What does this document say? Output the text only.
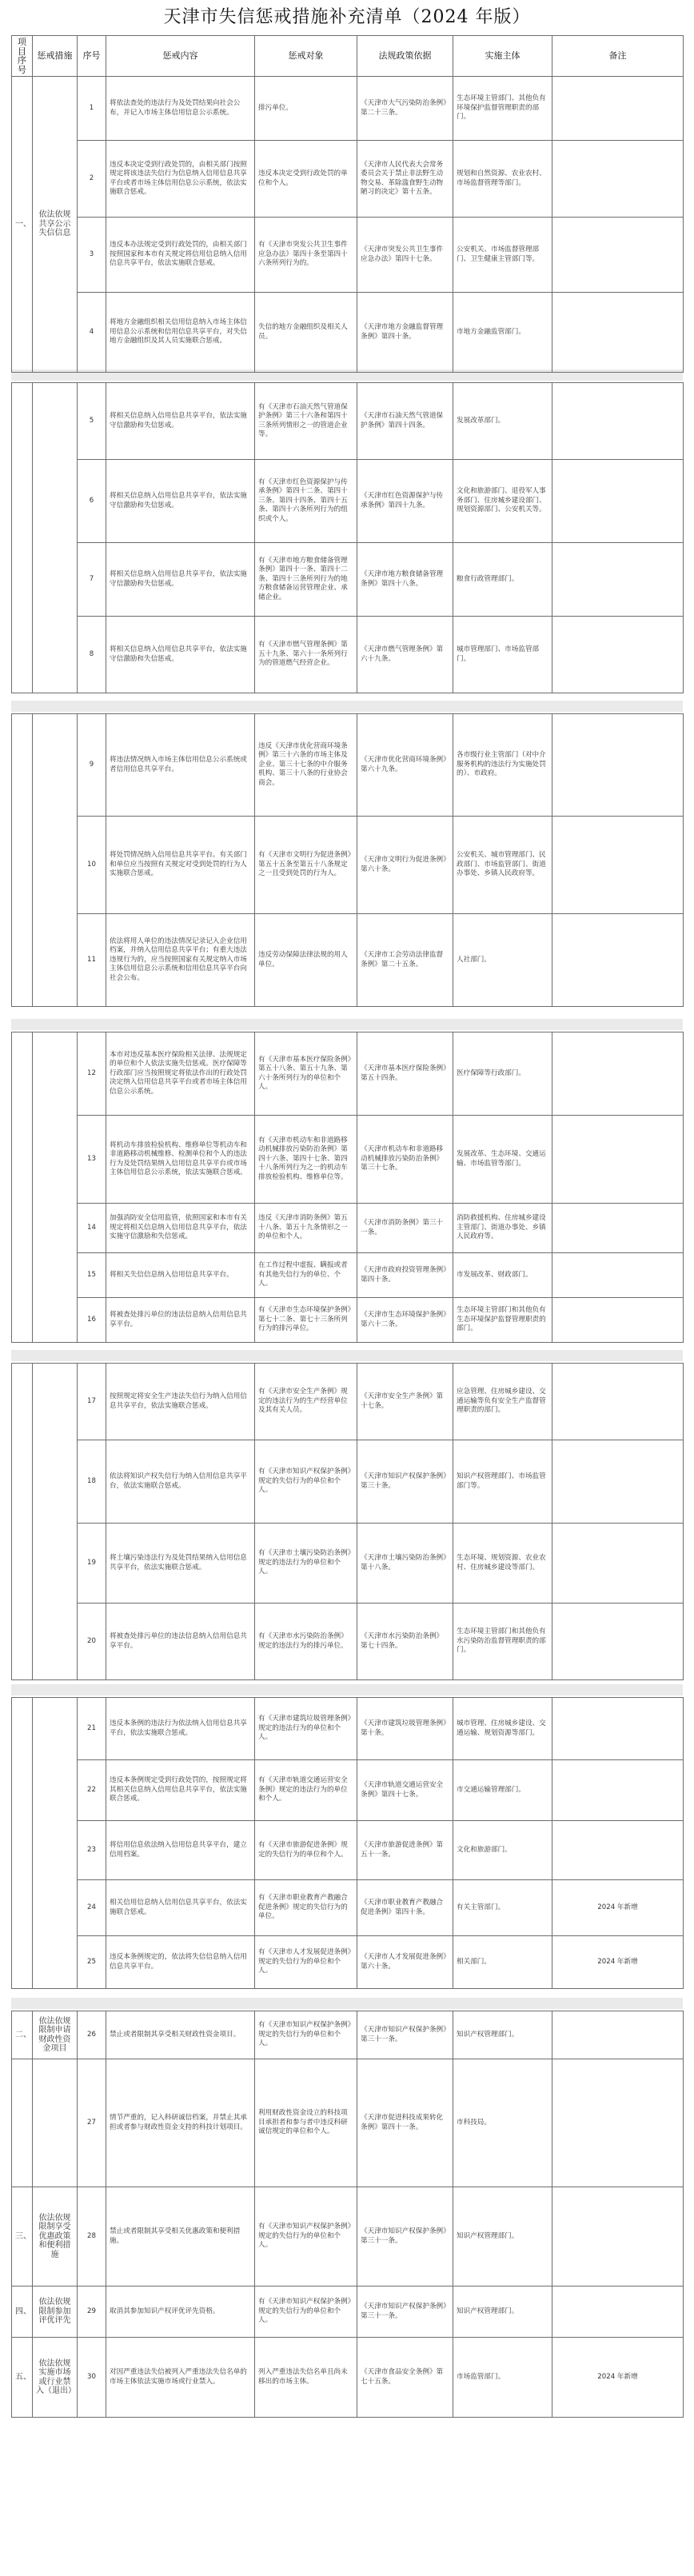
天津市失信惩戒措施补充清单（2024 年版）
项目序号	惩戒措施	序号	惩戒内容	惩戒对象	法规政策依据	实施主体	备注
一、	依法依规共享公示失信信息	1	将依法查处的违法行为及处罚结果向社会公布，并记入市场主体信用信息公示系统。	排污单位。	《天津市大气污染防治条例》第二十三条。	生态环境主管部门、其他负有环境保护监督管理职责的部门。	
		2	违反本决定受到行政处罚的，由相关部门按照规定将该违法失信行为信息纳入信用信息共享平台或者市场主体信用信息公示系统，依法实施联合惩戒。	违反本决定受到行政处罚的单位和个人。	《天津市人民代表大会常务委员会关于禁止非法野生动物交易、革除滥食野生动物陋习的决定》第十五条。	规划和自然资源、农业农村、市场监督管理等部门。	
		3	违反本办法规定受到行政处罚的，由相关部门按照国家和本市有关规定将信用信息纳入信用信息共享平台，依法实施联合惩戒。	有《天津市突发公共卫生事件应急办法》第四十条至第四十六条所列行为的。	《天津市突发公共卫生事件应急办法》第四十七条。	公安机关、市场监督管理部门、卫生健康主管部门等。	
		4	将地方金融组织相关信用信息纳入市场主体信用信息公示系统和信用信息共享平台，对失信地方金融组织及其人员实施联合惩戒。	失信的地方金融组织及相关人员。	《天津市地方金融监督管理条例》第四十条。	市地方金融监管部门。	
		5	将相关信息纳入信用信息共享平台，依法实施守信激励和失信惩戒。	有《天津市石油天然气管道保护条例》第三十六条和第四十三条所列情形之一的管道企业等。	《天津市石油天然气管道保护条例》第四十四条。	发展改革部门。	
		6	将相关信息纳入信用信息共享平台，依法实施守信激励和失信惩戒。	有《天津市红色资源保护与传承条例》第四十二条、第四十三条、第四十四条、第四十五条、第四十六条所列行为的组织或个人。	《天津市红色资源保护与传承条例》第四十九条。	文化和旅游部门、退役军人事务部门、住房城乡建设部门、规划资源部门、公安机关等。	
		7	将相关信息纳入信用信息共享平台，依法实施守信激励和失信惩戒。	有《天津市地方粮食储备管理条例》第四十一条、第四十二条、第四十三条所列行为的地方粮食储备运营管理企业、承储企业。	《天津市地方粮食储备管理条例》第四十八条。	粮食行政管理部门。	
		8	将相关信息纳入信用信息共享平台，依法实施守信激励和失信惩戒。	有《天津市燃气管理条例》第五十九条、第六十一条所列行为的管道燃气经营企业。	《天津市燃气管理条例》第六十九条。	城市管理部门、市场监管部门。	
		9	将违法情况纳入市场主体信用信息公示系统或者信用信息共享平台。	违反《天津市优化营商环境条例》第三十六条的市场主体及企业、第三十七条的中介服务机构、第三十八条的行业协会商会。	《天津市优化营商环境条例》第六十九条。	各市级行业主管部门（对中介服务机构的违法行为实施处罚的）、市政府。	
		10	将处罚情况纳入信用信息共享平台。有关部门和单位应当按照有关规定对受到处罚的行为人实施联合惩戒。	有《天津市文明行为促进条例》第五十五条至第五十八条规定之一且受到处罚的行为人。	《天津市文明行为促进条例》第六十条。	公安机关、城市管理部门、民政部门、市场监管部门、街道办事处、乡镇人民政府等。	
		11	依法将用人单位的违法情况记录记入企业信用档案，并纳入信用信息共享平台；有重大违法违规行为的，应当按照国家有关规定纳入市场主体信用信息公示系统和信用信息共享平台向社会公布。	违反劳动保障法律法规的用人单位。	《天津市工会劳动法律监督条例》第二十五条。	人社部门。	
		12	本市对违反基本医疗保险相关法律、法规规定的单位和个人依法实施失信惩戒。医疗保障等行政部门应当按照规定将依法作出的行政处罚决定纳入信用信息共享平台或者市场主体信用信息公示系统。	有《天津市基本医疗保险条例》第五十八条、第五十九条、第六十条所列行为的单位和个人。	《天津市基本医疗保险条例》第五十四条。	医疗保障等行政部门。	
		13	将机动车排放检验机构、维修单位等机动车和非道路移动机械维修、检测单位和个人的违法行为及处罚结果纳入信用信息共享平台或市场主体信用信息公示系统，依法实施联合惩戒。	有《天津市机动车和非道路移动机械排放污染防治条例》第四十六条、第四十七条、第四十八条所列行为之一的机动车排放检验机构、维修单位等。	《天津市机动车和非道路移动机械排放污染防治条例》第三十七条。	发展改革、生态环境、交通运输、市场监管等部门。	
		14	加强消防安全信用监管，依照国家和本市有关规定将相关信息纳入信用信息共享平台，依法实施守信激励和失信惩戒。	违反《天津市消防条例》第五十八条、第五十九条情形之一的单位和个人。	《天津市消防条例》第三十一条。	消防救援机构、住房城乡建设主管部门、街道办事处、乡镇人民政府等。	
		15	将相关失信信息纳入信用信息共享平台。	在工作过程中虚报、瞒报或者有其他失信行为的单位、个人。	《天津市政府投资管理条例》第四十条。	市发展改革、财政部门。	
		16	将被查处排污单位的违法信息纳入信用信息共享平台。	有《天津市生态环境保护条例》第七十二条、第七十三条所列行为的排污单位。	《天津市生态环境保护条例》第六十二条。	生态环境主管部门和其他负有生态环境保护监督管理职责的部门。	
		17	按照规定将安全生产违法失信行为纳入信用信息共享平台，依法实施联合惩戒。	有《天津市安全生产条例》规定的违法行为的生产经营单位及其有关人员。	《天津市安全生产条例》第十七条。	应急管理、住房城乡建设、交通运输等负有安全生产监督管理职责的部门。	
		18	依法将知识产权失信行为纳入信用信息共享平台，依法实施联合惩戒。	有《天津市知识产权保护条例》规定的失信行为的单位和个人。	《天津市知识产权保护条例》第三十条。	知识产权管理部门、市场监管部门等。	
		19	将土壤污染违法行为及处罚结果纳入信用信息共享平台，依法实施联合惩戒。	有《天津市土壤污染防治条例》规定的违法行为的单位和个人。	《天津市土壤污染防治条例》第十八条。	生态环境、规划资源、农业农村、住房城乡建设等部门。	
		20	将被查处排污单位的违法信息纳入信用信息共享平台。	有《天津市水污染防治条例》规定的违法行为的排污单位。	《天津市水污染防治条例》第七十四条。	生态环境主管部门和其他负有水污染防治监督管理职责的部门。	
		21	违反本条例的违法行为依法纳入信用信息共享平台，依法实施联合惩戒。	有《天津市建筑垃圾管理条例》规定的违法行为的单位和个人。	《天津市建筑垃圾管理条例》第十条。	城市管理、住房城乡建设、交通运输、规划资源等部门。	
		22	违反本条例规定受到行政处罚的，按照规定将其相关信息纳入信用信息共享平台，依法实施联合惩戒。	有《天津市轨道交通运营安全条例》规定的违法行为的单位和个人。	《天津市轨道交通运营安全条例》第四十七条。	市交通运输管理部门。	
		23	将信用信息依法纳入信用信息共享平台，建立信用档案。	有《天津市旅游促进条例》规定的失信行为的单位和个人。	《天津市旅游促进条例》第五十一条。	文化和旅游部门。	
		24	相关信用信息纳入信用信息共享平台，依法实施联合惩戒。	有《天津市职业教育产教融合促进条例》规定的失信行为的单位。	《天津市职业教育产教融合促进条例》第四十条。	有关主管部门。	2024 年新增
		25	违反本条例规定的，依法将失信信息纳入信用信息共享平台。	有《天津市人才发展促进条例》规定的失信行为的单位和个人。	《天津市人才发展促进条例》第六十条。	相关部门。	2024 年新增
二、	依法依规限制申请财政性资金项目	26	禁止或者限制其享受相关财政性资金项目。	有《天津市知识产权保护条例》规定的失信行为的单位和个人。	《天津市知识产权保护条例》第三十一条。	知识产权管理部门。	
		27	情节严重的，记入科研诚信档案，并禁止其承担或者参与财政性资金支持的科技计划项目。	利用财政性资金设立的科技项目承担者和参与者中违反科研诚信规定的单位和个人。	《天津市促进科技成果转化条例》第四十一条。	市科技局。	
三、	依法依规限制享受优惠政策和便利措施	28	禁止或者限制其享受相关优惠政策和便利措施。	有《天津市知识产权保护条例》规定的失信行为的单位和个人。	《天津市知识产权保护条例》第三十一条。	知识产权管理部门。	
四、	依法依规限制参加评优评先	29	取消其参加知识产权评优评先资格。	有《天津市知识产权保护条例》规定的失信行为的单位和个人。	《天津市知识产权保护条例》第三十一条。	知识产权管理部门。	
五、	依法依规实施市场或行业禁入（退出）	30	对因严重违法失信被列入严重违法失信名单的市场主体依法实施市场或行业禁入。	列入严重违法失信名单且尚未移出的市场主体。	《天津市食品安全条例》第七十五条。	市场监管部门。	2024 年新增
